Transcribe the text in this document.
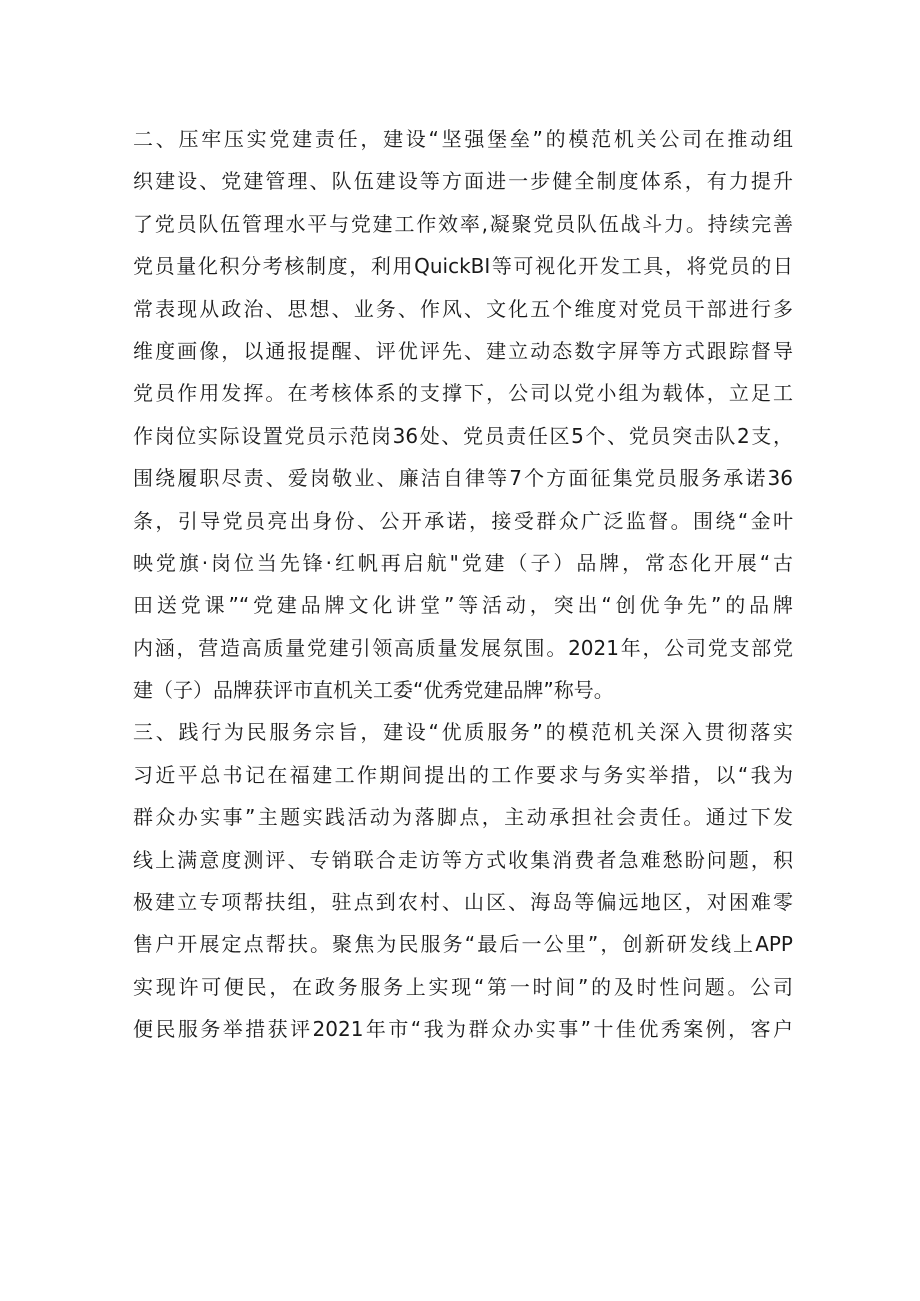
二、压牢压实党建责任，建设“坚强堡垒”的模范机关公司在推动组
织建设、党建管理、队伍建设等方面进一步健全制度体系，有力提升
了党员队伍管理水平与党建工作效率,凝聚党员队伍战斗力。持续完善
党员量化积分考核制度，利用QuickBI等可视化开发工具，将党员的日
常表现从政治、思想、业务、作风、文化五个维度对党员干部进行多
维度画像，以通报提醒、评优评先、建立动态数字屏等方式跟踪督导
党员作用发挥。在考核体系的支撑下，公司以党小组为载体，立足工
作岗位实际设置党员示范岗36处、党员责任区5个、党员突击队2支，
围绕履职尽责、爱岗敬业、廉洁自律等7个方面征集党员服务承诺36
条，引导党员亮出身份、公开承诺，接受群众广泛监督。围绕“金叶
映党旗·岗位当先锋·红帆再启航"党建（子）品牌，常态化开展“古
田送党课”“党建品牌文化讲堂”等活动，突出“创优争先”的品牌
内涵，营造高质量党建引领高质量发展氛围。2021年，公司党支部党
建（子）品牌获评市直机关工委“优秀党建品牌”称号。
三、践行为民服务宗旨，建设“优质服务”的模范机关深入贯彻落实
习近平总书记在福建工作期间提出的工作要求与务实举措，以“我为
群众办实事”主题实践活动为落脚点，主动承担社会责任。通过下发
线上满意度测评、专销联合走访等方式收集消费者急难愁盼问题，积
极建立专项帮扶组，驻点到农村、山区、海岛等偏远地区，对困难零
售户开展定点帮扶。聚焦为民服务“最后一公里”，创新研发线上APP
实现许可便民，在政务服务上实现“第一时间”的及时性问题。公司
便民服务举措获评2021年市“我为群众办实事”十佳优秀案例，客户
